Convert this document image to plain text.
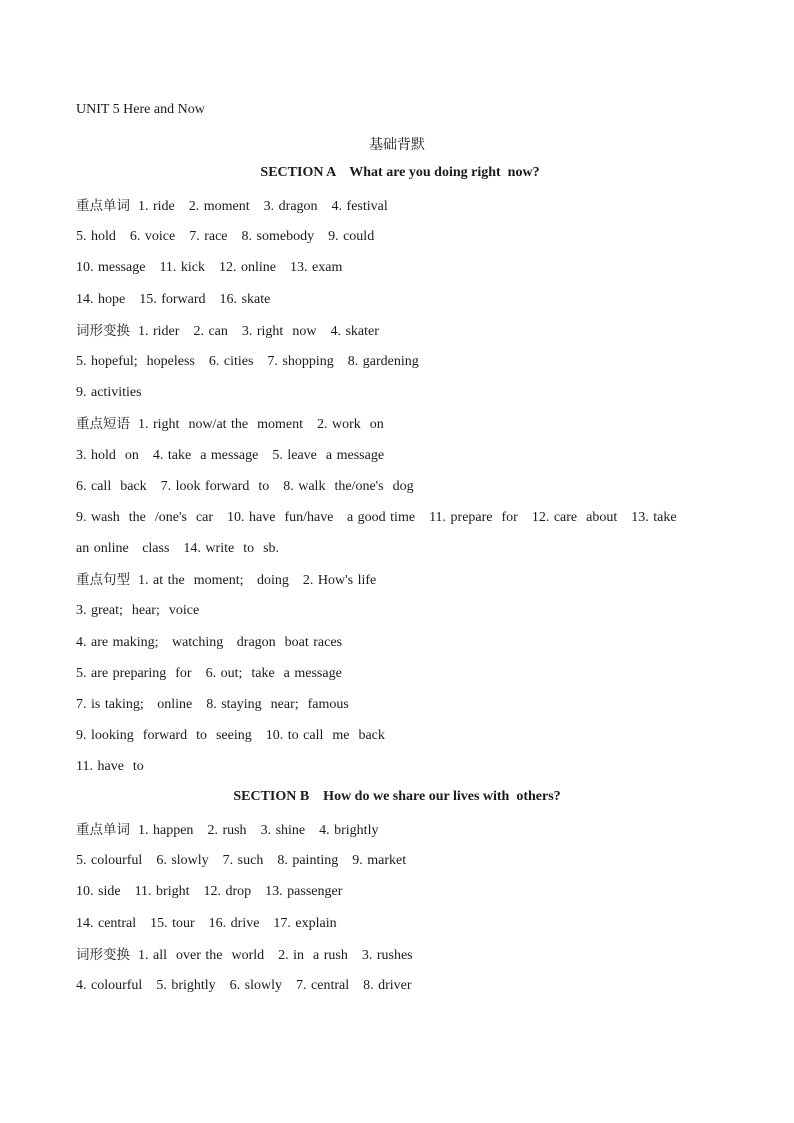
UNIT 5 Here and Now
基础背默
SECTION A    What are you doing right  now?
重点单词 1. ride 2. moment 3. dragon 4. festival
5. hold 6. voice 7. race 8. somebody 9. could
10. message 11. kick 12. online 13. exam
14. hope 15. forward 16. skate
词形变换 1. rider 2. can 3. right  now 4. skater
5. hopeful;  hopeless 6. cities 7. shopping 8. gardening
9. activities
重点短语 1. right  now/at the  moment 2. work  on
3. hold  on 4. take  a message 5. leave  a message
6. call  back 7. look forward  to 8. walk  the/one's  dog
9. wash  the  /one's  car 10. have  fun/have   a good time 11. prepare  for 12. care  about 13. take
an online   class 14. write  to  sb.
重点句型 1. at the  moment;   doing 2. How's life
3. great;  hear;  voice
4. are making;   watching   dragon  boat races
5. are preparing  for 6. out;  take  a message
7. is taking;   online 8. staying  near;  famous
9. looking  forward  to  seeing 10. to call  me  back
11. have  to
SECTION B    How do we share our lives with  others?
重点单词 1. happen 2. rush 3. shine 4. brightly
5. colourful 6. slowly 7. such 8. painting 9. market
10. side 11. bright 12. drop 13. passenger
14. central 15. tour 16. drive 17. explain
词形变换 1. all  over the  world 2. in  a rush 3. rushes
4. colourful 5. brightly 6. slowly 7. central 8. driver
